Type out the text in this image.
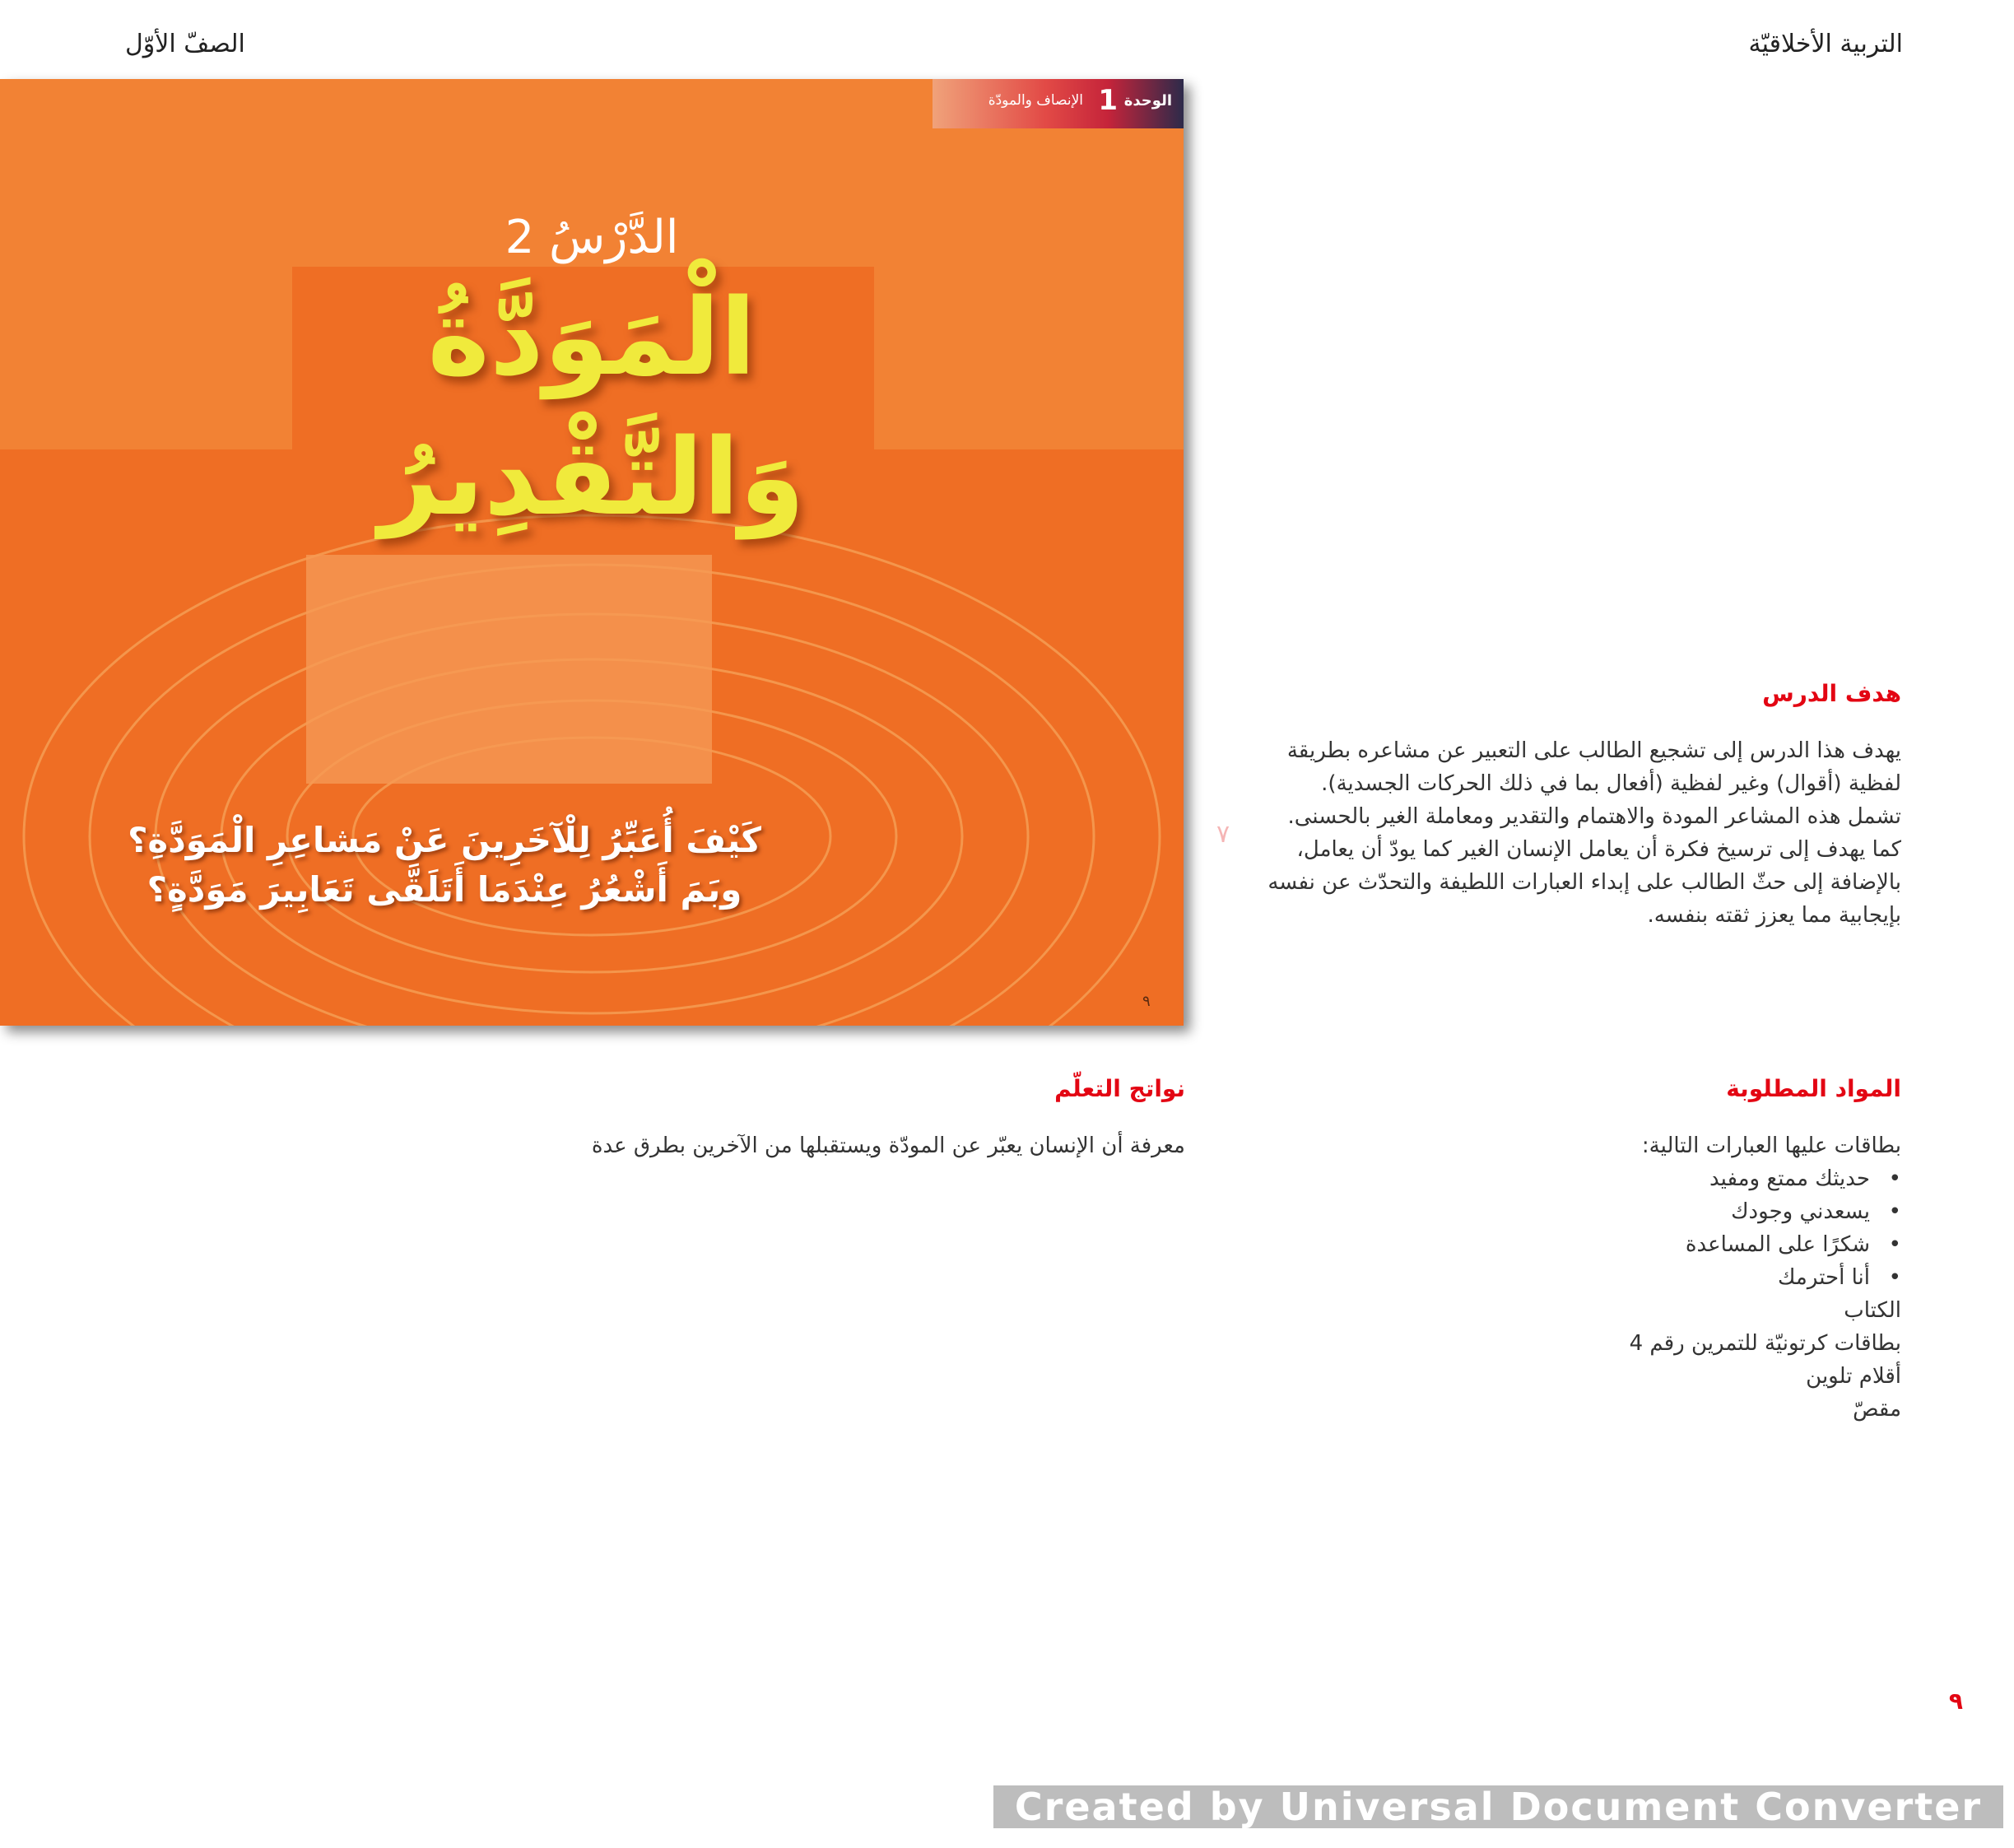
التربية الأخلاقيّة
الصفّ الأوّل
الوحدة
1
الإنصاف والمودّة
الدَّرْسُ 2
الْمَوَدَّةُ
وَالتَّقْدِيرُ
كَيْفَ أُعَبِّرُ لِلْآخَرِينَ عَنْ مَشاعِرِ الْمَوَدَّةِ؟
وبَمَ أَشْعُرُ عِنْدَمَا أَتَلَقَّى تَعَابِيرَ مَوَدَّةٍ؟
٩
٧
هدف الدرس
يهدف هذا الدرس إلى تشجيع الطالب على التعبير عن مشاعره بطريقة لفظية (أقوال) وغير لفظية (أفعال بما في ذلك الحركات الجسدية). تشمل هذه المشاعر المودة والاهتمام والتقدير ومعاملة الغير بالحسنى. كما يهدف إلى ترسيخ فكرة أن يعامل الإنسان الغير كما يودّ أن يعامل، بالإضافة إلى حثّ الطالب على إبداء العبارات اللطيفة والتحدّث عن نفسه بإيجابية مما يعزز ثقته بنفسه.
نواتج التعلّم
معرفة أن الإنسان يعبّر عن المودّة ويستقبلها من الآخرين بطرق عدة
المواد المطلوبة
بطاقات عليها العبارات التالية:
• حديثك ممتع ومفيد
• يسعدني وجودك
• شكرًا على المساعدة
• أنا أحترمك
الكتاب
بطاقات كرتونيّة للتمرين رقم 4
أقلام تلوين
مقصّ
٩
Created by Universal Document Converter
